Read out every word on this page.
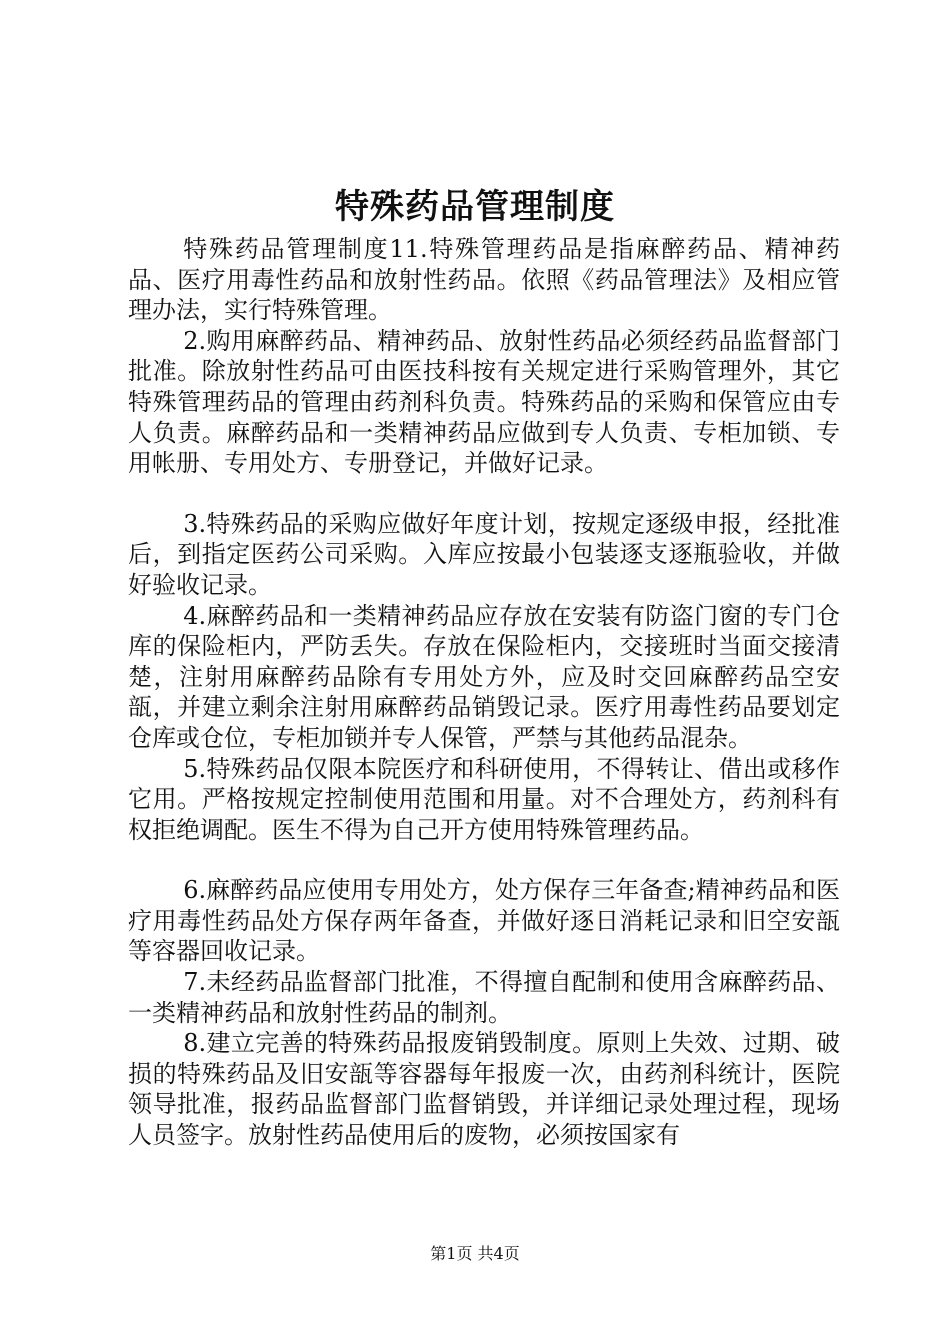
特殊药品管理制度

特殊药品管理制度11.特殊管理药品是指麻醉药品、精神药品、医疗用毒性药品和放射性药品。依照《药品管理法》及相应管理办法，实行特殊管理。

2.购用麻醉药品、精神药品、放射性药品必须经药品监督部门批准。除放射性药品可由医技科按有关规定进行采购管理外，其它特殊管理药品的管理由药剂科负责。特殊药品的采购和保管应由专人负责。麻醉药品和一类精神药品应做到专人负责、专柜加锁、专用帐册、专用处方、专册登记，并做好记录。

3.特殊药品的采购应做好年度计划，按规定逐级申报，经批准后，到指定医药公司采购。入库应按最小包装逐支逐瓶验收，并做好验收记录。

4.麻醉药品和一类精神药品应存放在安装有防盗门窗的专门仓库的保险柜内，严防丢失。存放在保险柜内，交接班时当面交接清楚，注射用麻醉药品除有专用处方外，应及时交回麻醉药品空安瓿，并建立剩余注射用麻醉药品销毁记录。医疗用毒性药品要划定仓库或仓位，专柜加锁并专人保管，严禁与其他药品混杂。

5.特殊药品仅限本院医疗和科研使用，不得转让、借出或移作它用。严格按规定控制使用范围和用量。对不合理处方，药剂科有权拒绝调配。医生不得为自己开方使用特殊管理药品。

6.麻醉药品应使用专用处方，处方保存三年备查;精神药品和医疗用毒性药品处方保存两年备查，并做好逐日消耗记录和旧空安瓿等容器回收记录。

7.未经药品监督部门批准，不得擅自配制和使用含麻醉药品、一类精神药品和放射性药品的制剂。

8.建立完善的特殊药品报废销毁制度。原则上失效、过期、破损的特殊药品及旧安瓿等容器每年报废一次，由药剂科统计，医院领导批准，报药品监督部门监督销毁，并详细记录处理过程，现场人员签字。放射性药品使用后的废物，必须按国家有

第1页 共4页
